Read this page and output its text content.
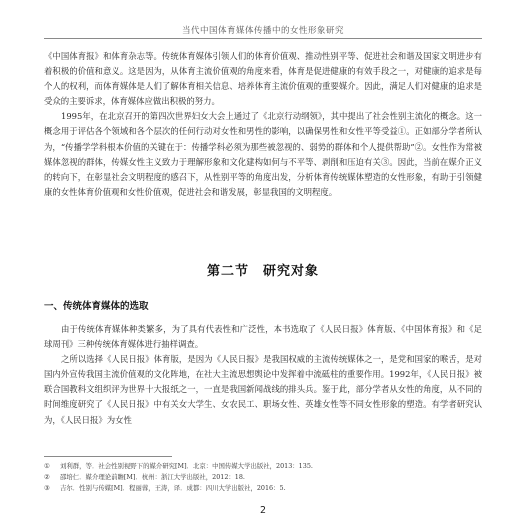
当代中国体育媒体传播中的女性形象研究

《中国体育报》和体育杂志等。传统体育媒体引领人们的体育价值观、推动性别平等、促进社会和谐及国家文明进步有着积极的价值和意义。这是因为，从体育主流价值观的角度来看，体育是促进健康的有效手段之一，对健康的追求是每个人的权利，而体育媒体是人们了解体育相关信息、培养体育主流价值观的重要媒介。因此，满足人们对健康的追求是受众的主要诉求，体育媒体应做出积极的努力。

1995年，在北京召开的第四次世界妇女大会上通过了《北京行动纲领》，其中提出了社会性别主流化的概念。这一概念用于评估各个领域和各个层次的任何行动对女性和男性的影响，以确保男性和女性平等受益①。正如部分学者所认为，“传播学学科根本价值的关键在于：传播学科必须为那些被忽视的、弱势的群体和个人提供帮助”②。女性作为常被媒体忽视的群体，传媒女性主义致力于理解形象和文化建构如何与不平等、剥削和压迫有关③。因此，当前在媒介正义的转向下，在彰显社会文明程度的感召下，从性别平等的角度出发，分析体育传统媒体塑造的女性形象，有助于引领健康的女性体育价值观和女性价值观，促进社会和谐发展，彰显我国的文明程度。

第二节　研究对象
一、传统体育媒体的选取

由于传统体育媒体种类繁多，为了具有代表性和广泛性，本书选取了《人民日报》体育版、《中国体育报》和《足球周刊》三种传统体育媒体进行抽样调查。

之所以选择《人民日报》体育版，是因为《人民日报》是我国权威的主流传统媒体之一，是党和国家的喉舌，是对国内外宣传我国主流价值观的文化阵地，在社大主流思想舆论中发挥着中流砥柱的重要作用。1992年，《人民日报》被联合国教科文组织评为世界十大报纸之一，一直是我国新闻战线的排头兵。鉴于此，部分学者从女性的角度，从不同的时间维度研究了《人民日报》中有关女大学生、女农民工、职场女性、英雄女性等不同女性形象的塑造。有学者研究认为，《人民日报》为女性

①	刘利群，等．社会性别视野下的媒介研究[M]．北京：中国传媒大学出版社，2013：135.
②	邵培仁．媒介理论前瞻[M]．杭州：浙江大学出版社，2012：18.
③	吉尔．性别与传媒[M]．程丽蓉，王涛，译．成都：四川大学出版社，2016：5.
2
